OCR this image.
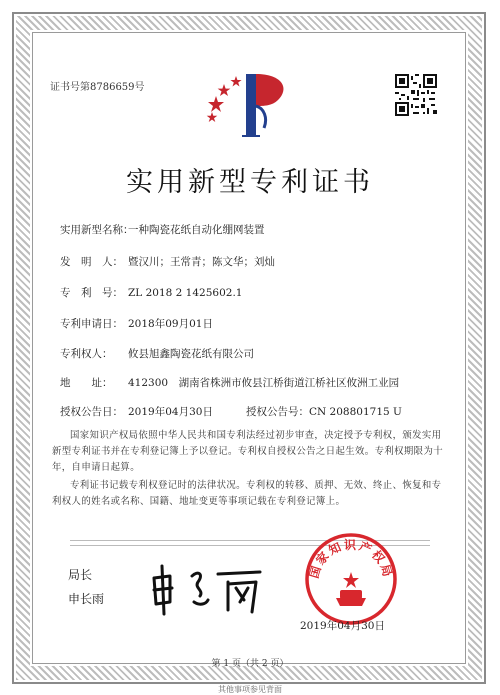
证书号第8786659号
实用新型专利证书
实用新型名称：一种陶瓷花纸自动化绷网装置
发　明　人： 暨汉川；王常青；陈文华；刘灿
专　利　号： ZL 2018 2 1425602.1
专利申请日： 2018年09月01日
专利权人： 攸县旭鑫陶瓷花纸有限公司
地　　址： 412300　湖南省株洲市攸县江桥街道江桥社区攸洲工业园
授权公告日： 2019年04月30日	授权公告号：CN 208801715 U
国家知识产权局依照中华人民共和国专利法经过初步审查，决定授予专利权，颁发实用新型专利证书并在专利登记簿上予以登记。专利权自授权公告之日起生效。专利权期限为十年，自申请日起算。
专利证书记载专利权登记时的法律状况。专利权的转移、质押、无效、终止、恢复和专利权人的姓名或名称、国籍、地址变更等事项记载在专利登记簿上。
局长
申长雨
国家知识产权局
2019年04月30日
第 1 页（共 2 页）
其他事项参见背面
